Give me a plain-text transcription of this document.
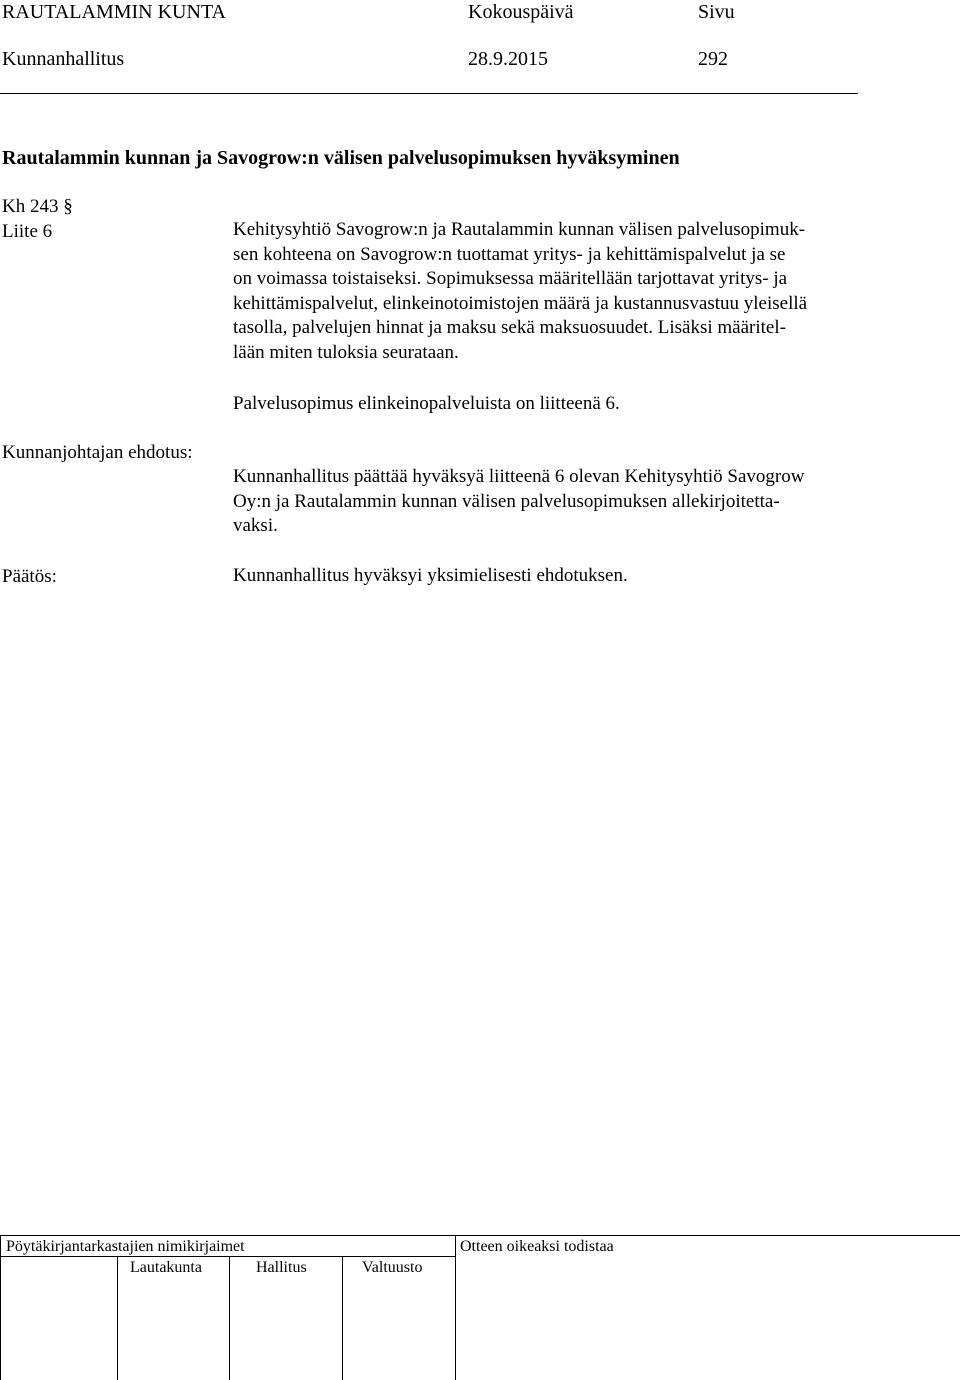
RAUTALAMMIN KUNTA	Kokouspäivä	Sivu
Kunnanhallitus	28.9.2015	292
Rautalammin kunnan ja Savogrow:n välisen palvelusopimuksen hyväksyminen
Kh 243 §
Liite 6	Kehitysyhtiö Savogrow:n ja Rautalammin kunnan välisen palvelusopimuk-
sen kohteena on Savogrow:n tuottamat yritys- ja kehittämispalvelut ja se
on voimassa toistaiseksi. Sopimuksessa määritellään tarjottavat yritys- ja
kehittämispalvelut, elinkeinotoimistojen määrä ja kustannusvastuu yleisellä
tasolla, palvelujen hinnat ja maksu sekä maksuosuudet. Lisäksi määritel-
lään miten tuloksia seurataan.
Palvelusopimus elinkeinopalveluista on liitteenä 6.
Kunnanjohtajan ehdotus:
Kunnanhallitus päättää hyväksyä liitteenä 6 olevan Kehitysyhtiö Savogrow
Oy:n ja Rautalammin kunnan välisen palvelusopimuksen allekirjoitetta-
vaksi.
Päätös:	Kunnanhallitus hyväksyi yksimielisesti ehdotuksen.
Pöytäkirjantarkastajien nimikirjaimet
Lautakunta	Hallitus	Valtuusto
Otteen oikeaksi todistaa
